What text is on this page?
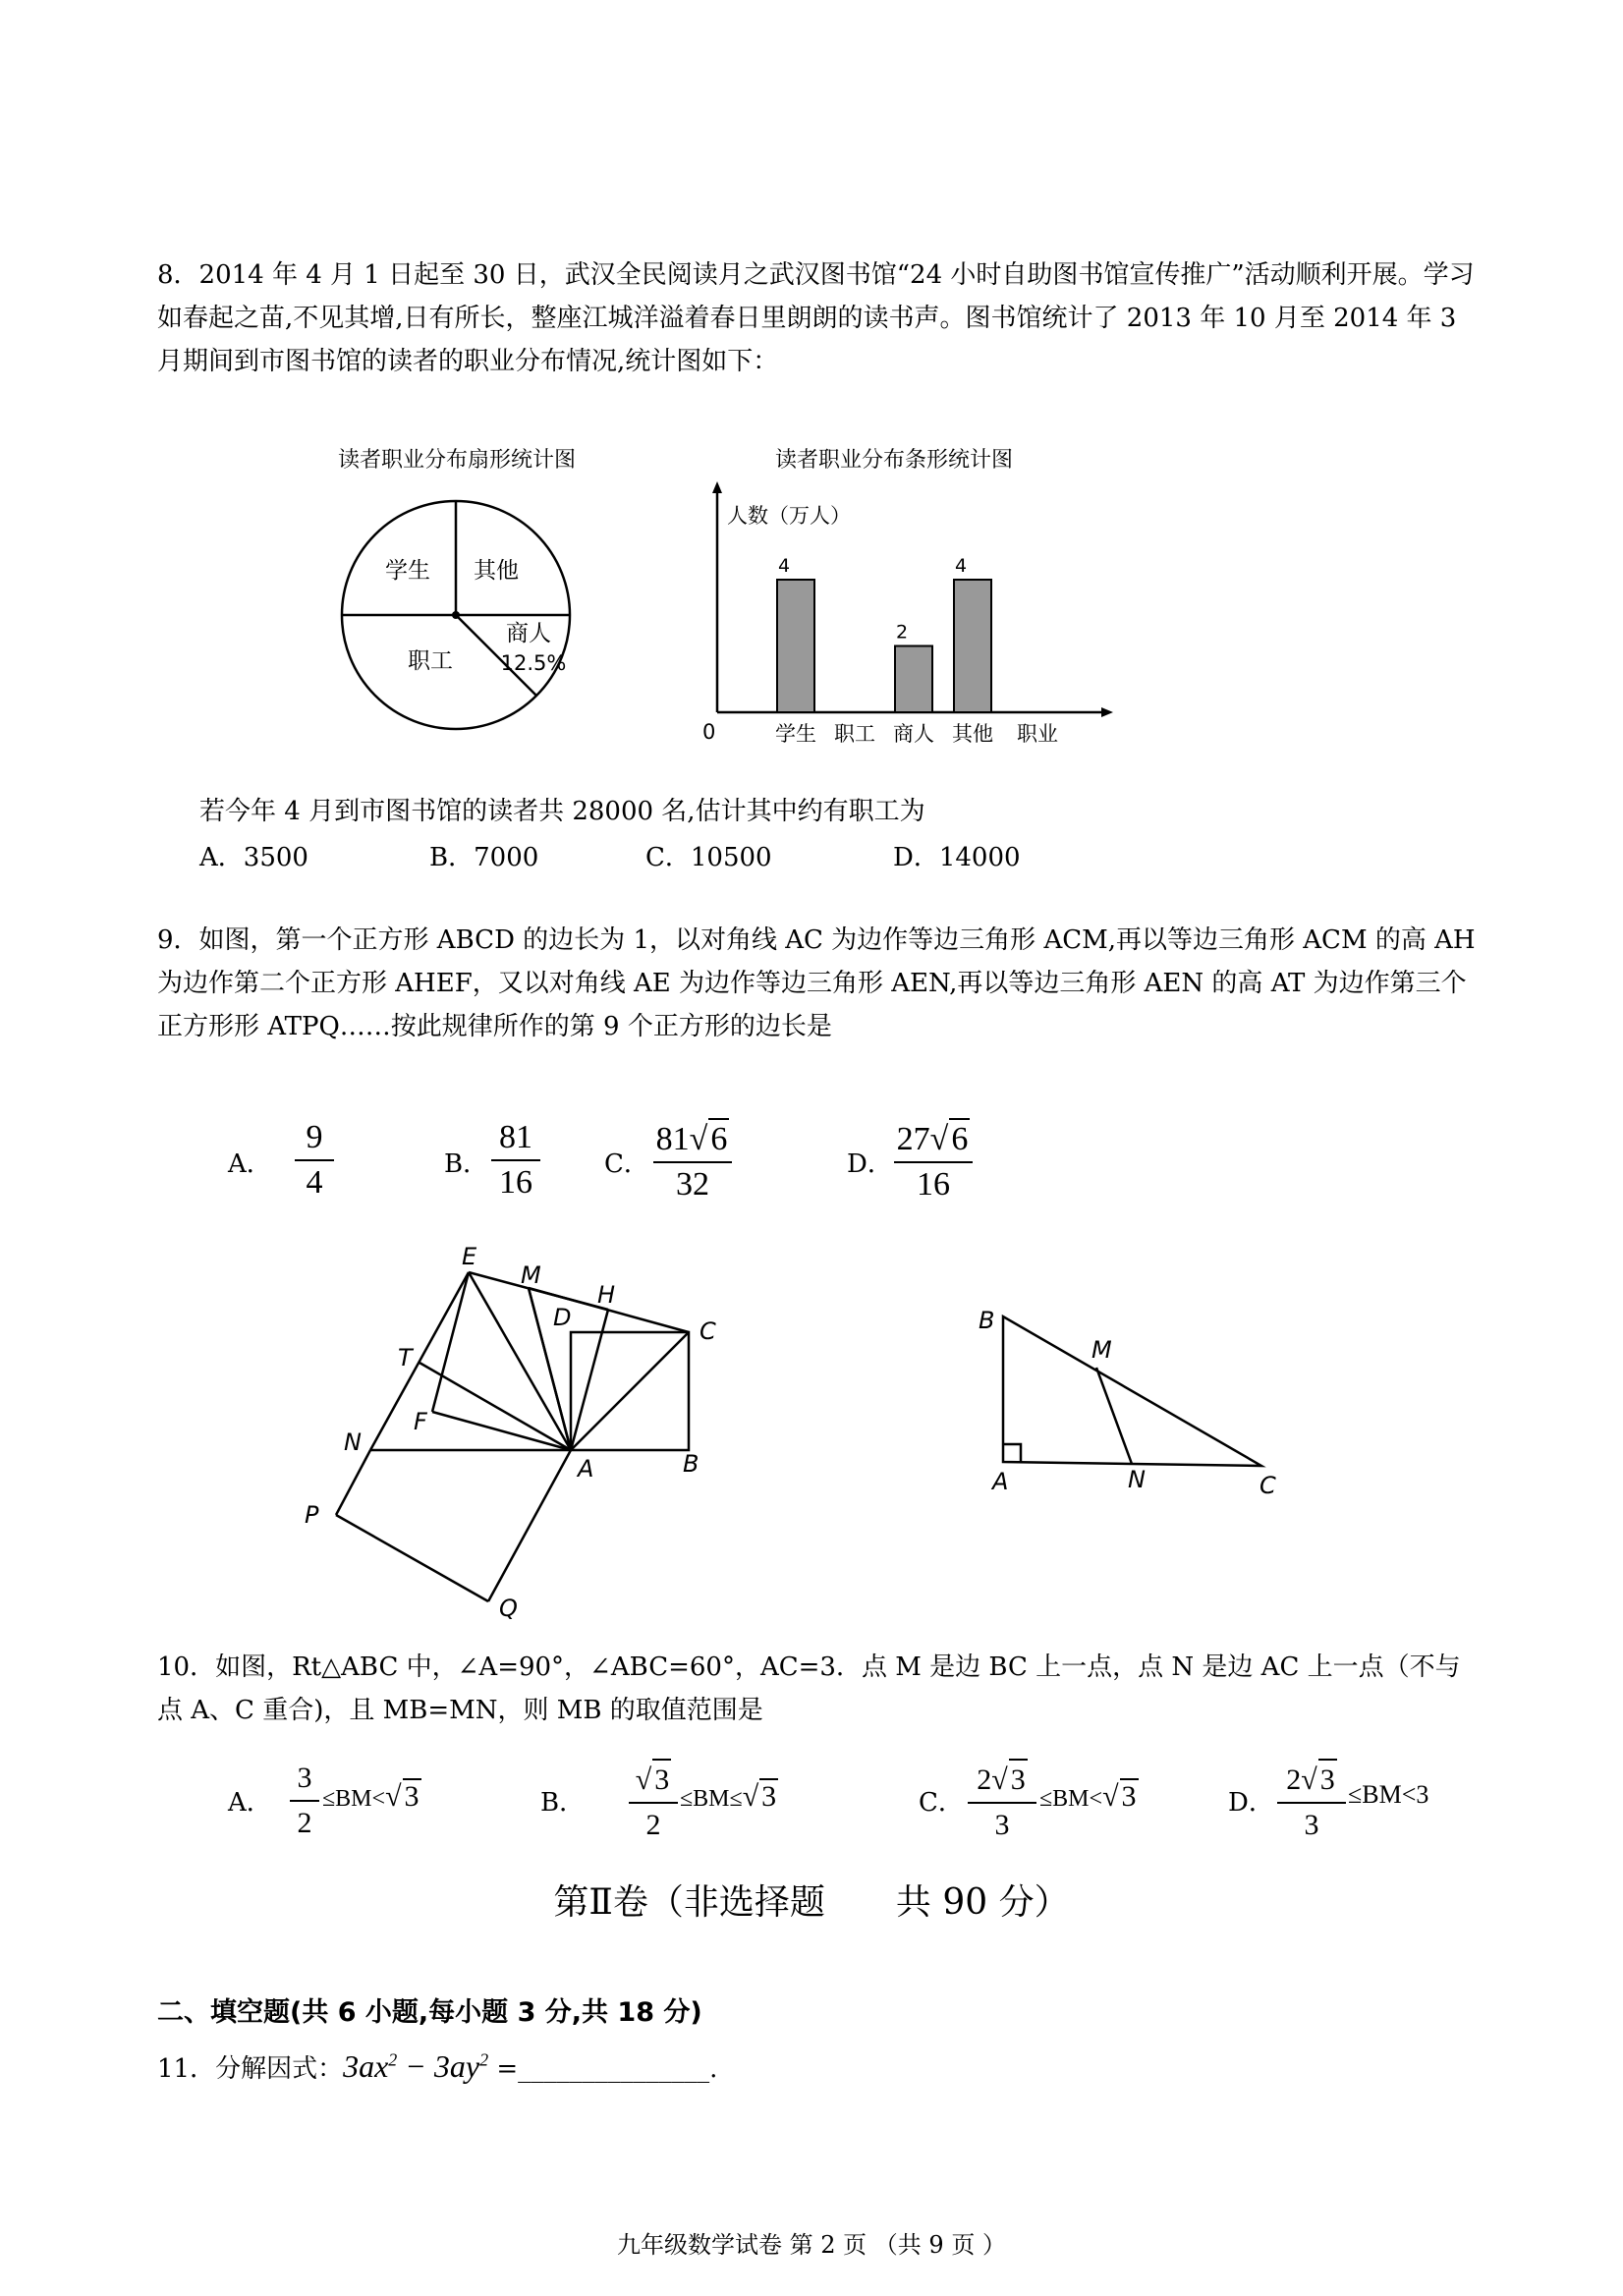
8．2014 年 4 月 1 日起至 30 日，武汉全民阅读月之武汉图书馆“24 小时自助图书馆宣传推广”活动顺利开展。学习如春起之苗,不见其增,日有所长，整座江城洋溢着春日里朗朗的读书声。图书馆统计了 2013 年 10 月至 2014 年 3 月期间到市图书馆的读者的职业分布情况,统计图如下：

读者职业分布扇形统计图
学生 其他
商人
12.5%
职工
读者职业分布条形统计图
人数（万人）
职业
0	学生
4
职工 商人
2
其他
4

若今年 4 月到市图书馆的读者共 28000 名,估计其中约有职工为

A．3500	B．7000	C．10500	D．14000

9．如图，第一个正方形 ABCD 的边长为 1，以对角线 AC 为边作等边三角形 ACM,再以等边三角形 ACM 的高 AH 为边作第二个正方形 AHEF，又以对角线 AE 为边作等边三角形 AEN,再以等边三角形 AEN 的高 AT 为边作第三个正方形形 ATPQ……按此规律所作的第 9 个正方形的边长是

A．
9
4	B．
81
16	C．
81√6
32
D．
27√6
16
E
M
H
D	C
T
F
N
A	B
P
Q
B
M
A	N	C

10．如图，Rt△ABC 中，∠A=90°，∠ABC=60°，AC=3．点 M 是边 BC 上一点，点 N 是边 AC 上一点（不与点 A、C 重合)，且 MB=MN，则 MB 的取值范围是

A．
3
2
≤BM<√ 3	B．
√ 3
2
≤BM≤√ 3	C．
2√ 3
3
≤BM<√ 3	D．
2√ 3
3
≤BM<3
第Ⅱ卷（非选择题　　共 90 分）
二、填空题(共 6 小题,每小题 3 分,共 18 分)
11．分解因式：$3ax^2 - 3ay^2$ =_______________.
九年级数学试卷 第 2 页 （共 9 页 ）
